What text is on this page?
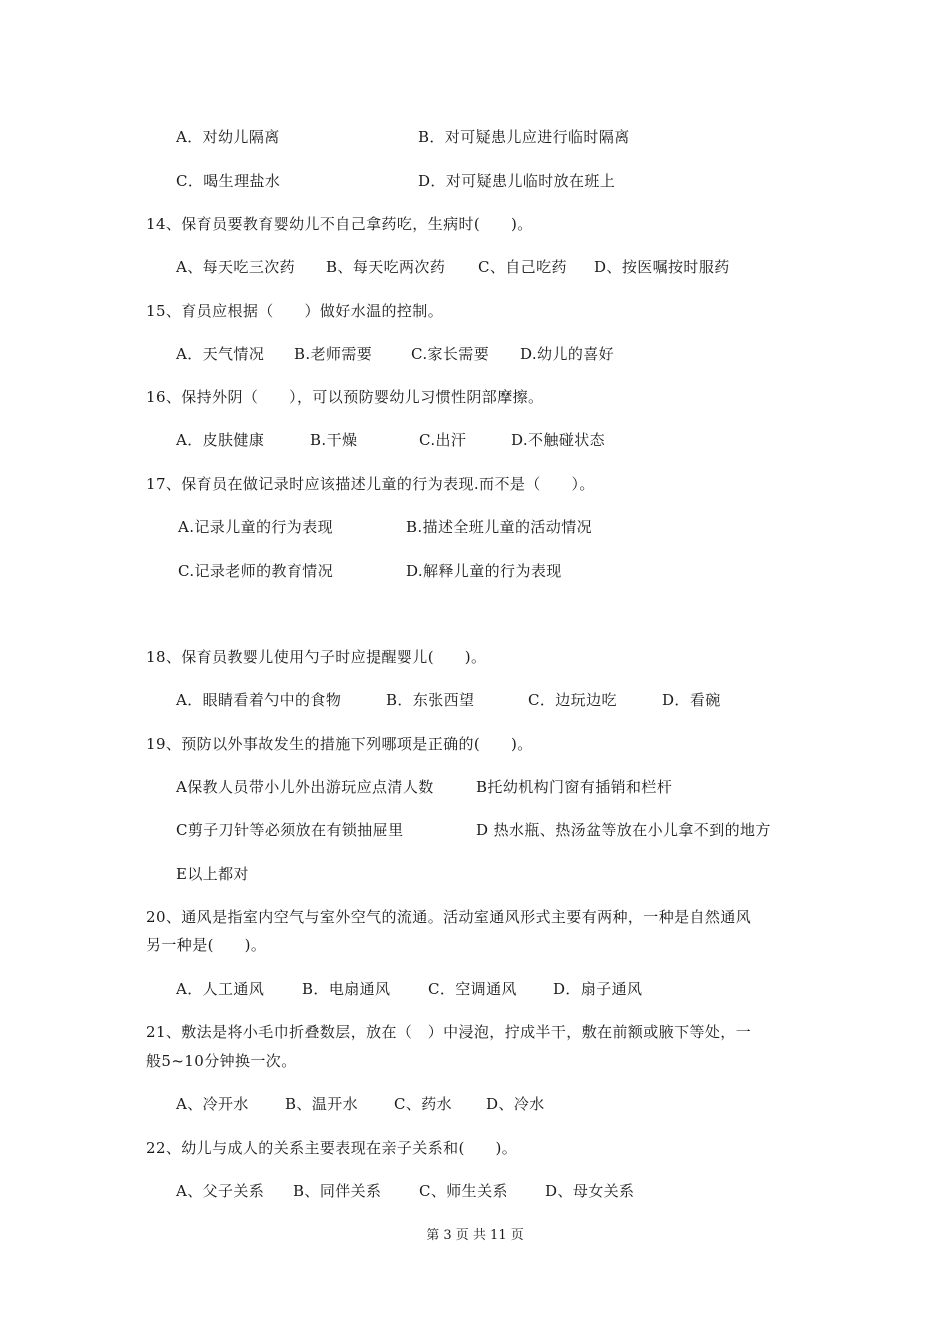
A．对幼儿隔离	B．对可疑患儿应进行临时隔离
C．喝生理盐水	D．对可疑患儿临时放在班上
14、保育员要教育婴幼儿不自己拿药吃，生病时(　　)。
A、每天吃三次药 B、每天吃两次药 C、自己吃药 D、按医嘱按时服药
15、育员应根据（　　）做好水温的控制。
A．天气情况 B.老师需要	C.家长需要 D.幼儿的喜好
16、保持外阴（　　），可以预防婴幼儿习惯性阴部摩擦。
A．皮肤健康	B.干燥	C.出汗	D.不触碰状态
17、保育员在做记录时应该描述儿童的行为表现.而不是（　　）。
A.记录儿童的行为表现	B.描述全班儿童的活动情况
C.记录老师的教育情况	D.解释儿童的行为表现
18、保育员教婴儿使用勺子时应提醒婴儿(　　)。
A．眼睛看着勺中的食物	B．东张西望	C．边玩边吃	D．看碗
19、预防以外事故发生的措施下列哪项是正确的(　　)。
A保教人员带小儿外出游玩应点清人数	B托幼机构门窗有插销和栏杆
C剪子刀针等必须放在有锁抽屉里	D 热水瓶、热汤盆等放在小儿拿不到的地方
E以上都对
20、通风是指室内空气与室外空气的流通。活动室通风形式主要有两种，一种是自然通风
另一种是(　　)。
A．人工通风	B．电扇通风	C．空调通风 D．扇子通风
21、敷法是将小毛巾折叠数层，放在（　）中浸泡，拧成半干，敷在前额或腋下等处，一
般5~10分钟换一次。
A、冷开水 B、温开水 C、药水 D、冷水
22、幼儿与成人的关系主要表现在亲子关系和(　　)。
A、父子关系 B、同伴关系	C、师生关系 D、母女关系
第 3 页 共 11 页
